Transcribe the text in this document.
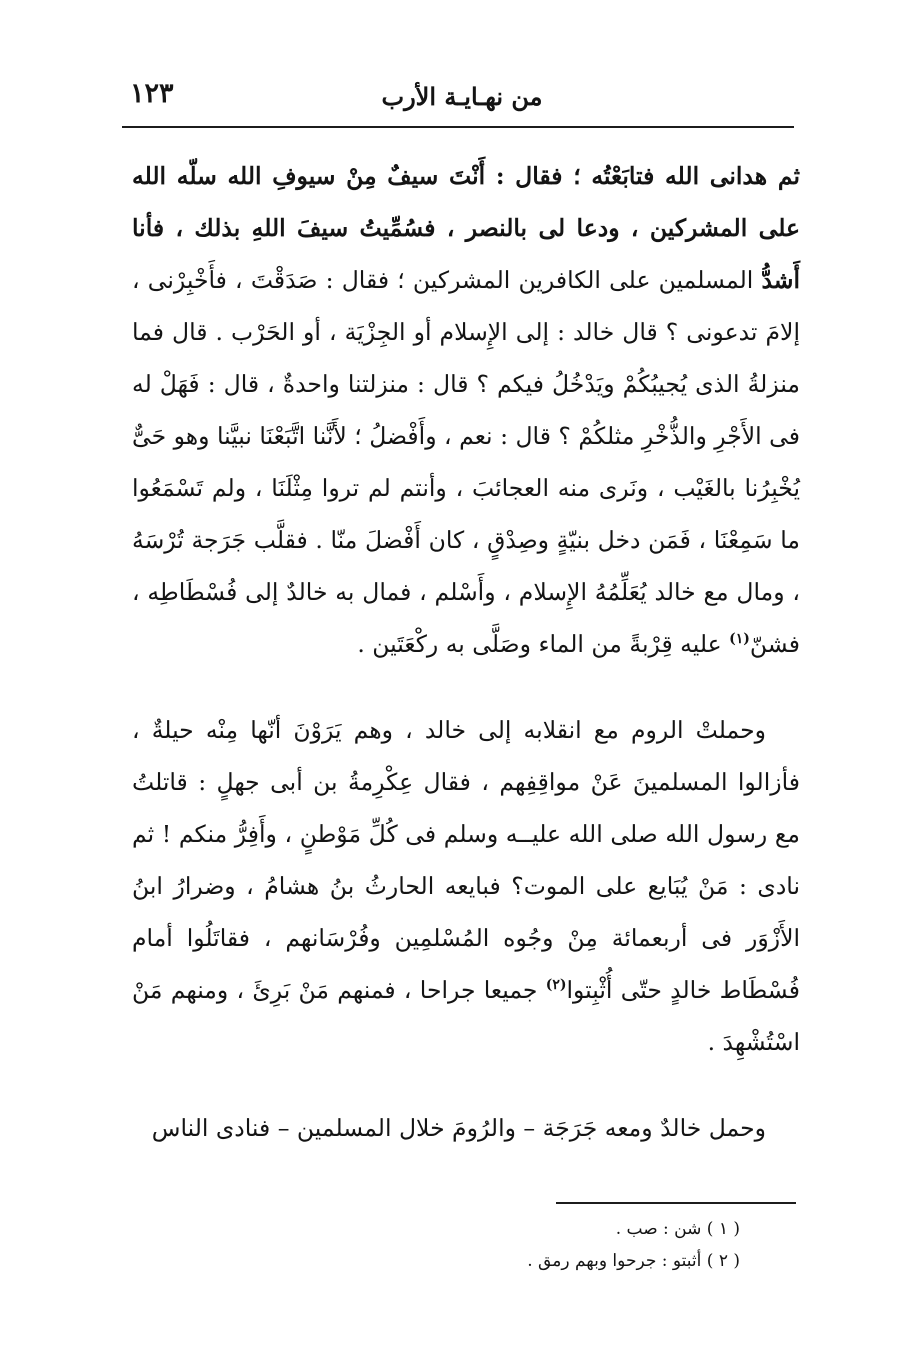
١٢٣	من نهـايـة الأرب

ثم هدانى الله فتابَعْتُه ؛ فقال : أَنْتَ سيفٌ مِنْ سيوفِ الله سلّه الله على المشركين ، ودعا لى بالنصر ، فسُمِّيتُ سيفَ اللهِ بذلك ، فأنا أَشدُّ المسلمين على الكافرين المشركين ؛ فقال : صَدَقْتَ ، فأَخْبِرْنى ، إلامَ تدعونى ؟ قال خالد : إلى الإِسلام أو الجِزْيَة ، أو الحَرْب . قال فما منزلةُ الذى يُجيبُكُمْ ويَدْخُلُ فيكم ؟ قال : منزلتنا واحدةٌ ، قال : فَهَلْ له فى الأَجْرِ والذُّخْرِ مثلكُمْ ؟ قال : نعم ، وأَفْضلُ ؛ لأَنَّنا اتَّبَعْنَا نبيَّنا وهو حَىٌّ يُخْبِرُنا بالغَيْب ، ونَرى منه العجائبَ ، وأنتم لم تروا مِثْلَنَا ، ولم تَسْمَعُوا ما سَمِعْنَا ، فَمَن دخل بنيّةٍ وصِدْقٍ ، كان أَفْضلَ منّا . فقلَّب جَرَجة تُرْسَهُ ، ومال مع خالد يُعَلِّمُهُ الإِسلام ، وأَسْلم ، فمال به خالدٌ إلى فُسْطَاطِه ، فشنّ$^{(١)}$ عليه قِرْبةً من الماء وصَلَّى به ركْعَتَين .

وحملتْ الروم مع انقلابه إلى خالد ، وهم يَرَوْنَ أنّها مِنْه حيلةٌ ، فأزالوا المسلمينَ عَنْ مواقِفِهم ، فقال عِكْرِمةُ بن أبى جهلٍ : قاتلتُ مع رسول الله صلى الله عليــه وسلم فى كُلِّ مَوْطنٍ ، وأَفِرُّ منكم ! ثم نادى : مَنْ يُبَايع على الموت؟ فبايعه الحارثُ بنُ هشامُ ، وضرارُ ابنُ الأَزْوَر فى أربعمائة مِنْ وجُوه المُسْلمِين وفُرْسَانهم ، فقاتَلُوا أمام فُسْطَاط خالدٍ حتّى أُثْبِتوا$^{(٢)}$ جميعا جراحا ، فمنهم مَنْ بَرِئَ ، ومنهم مَنْ اسْتُشْهِدَ .

وحمل خالدٌ ومعه جَرَجَة – والرُومَ خلال المسلمين – فنادى الناس

( ١ ) شن : صب .

( ٢ ) أثبتو : جرحوا وبهم رمق .
